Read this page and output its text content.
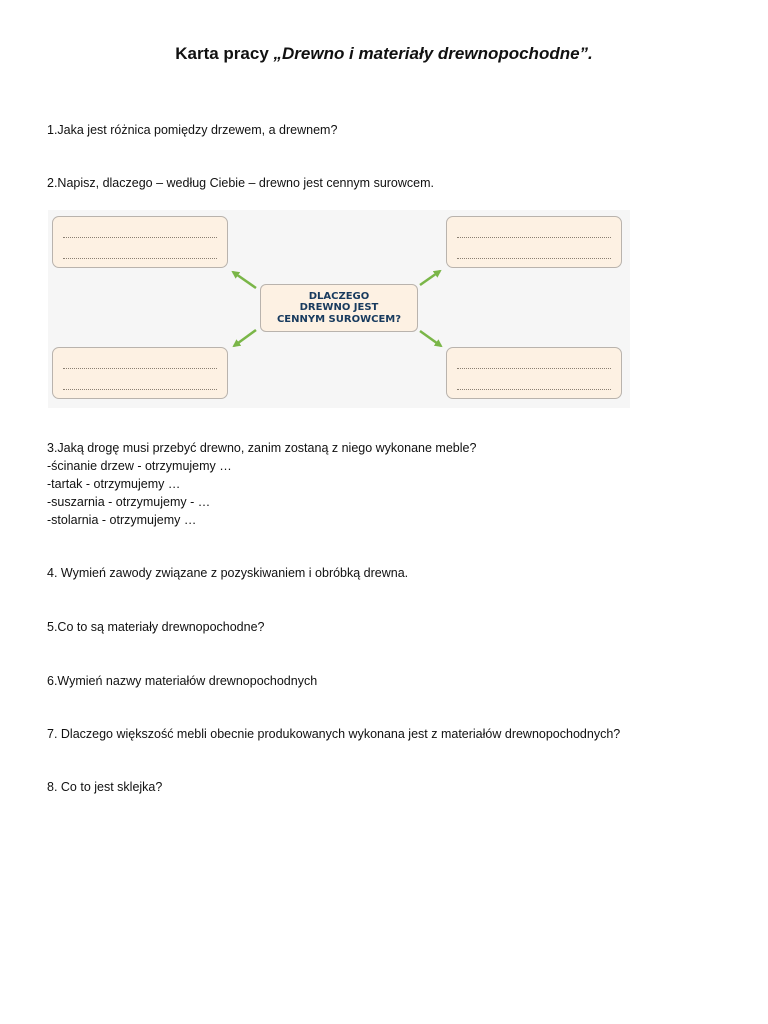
Karta pracy „Drewno i materiały drewnopochodne”.
1.Jaka jest różnica pomiędzy drzewem, a drewnem?
2.Napisz, dlaczego – według Ciebie – drewno jest cennym surowcem.
DLACZEGO
DREWNO JEST
CENNYM SUROWCEM?
3.Jaką drogę musi przebyć drewno, zanim zostaną z niego wykonane meble?
-ścinanie drzew - otrzymujemy …
-tartak - otrzymujemy …
-suszarnia - otrzymujemy - …
-stolarnia - otrzymujemy …
4. Wymień zawody związane z pozyskiwaniem i obróbką drewna.
5.Co to są materiały drewnopochodne?
6.Wymień nazwy materiałów drewnopochodnych
7. Dlaczego większość mebli obecnie produkowanych wykonana jest z materiałów drewnopochodnych?
8. Co to jest sklejka?
